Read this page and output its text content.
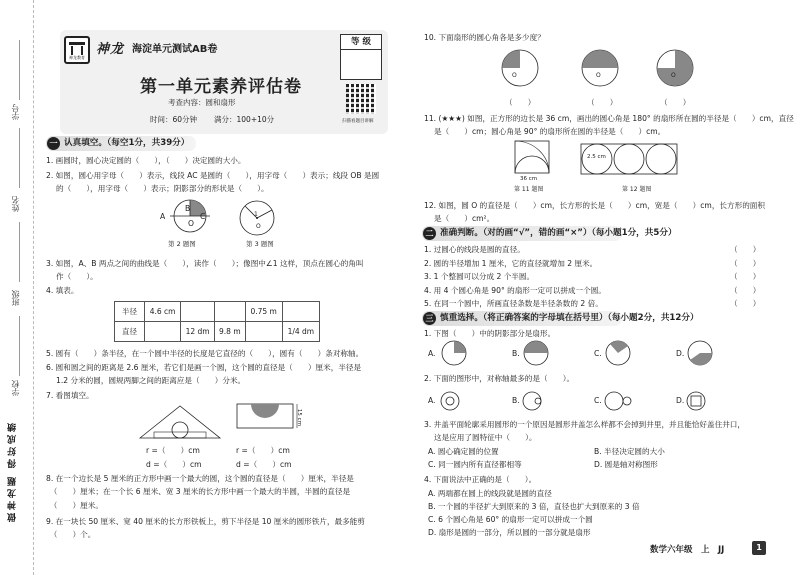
学号
姓名
班级
学校
做神龙题 得好成绩
神龙教育
神龙 海淀单元测试AB卷
第一单元素养评估卷
考查内容：圆和扇形
时间：60分钟 满分：100+10分
等 级
扫描看题目讲解
一 认真填空。（每空1分，共39分）
1. 画圆时，圆心决定圆的（　　），（　　）决定圆的大小。
2. 如图，圆心用字母（　　）表示，线段 AC 是圆的（　　），用字母（　　）表示；线段 OB 是圆
　 的（　　），用字母（　　）表示；阴影部分的形状是（　　）。
A	C
B
O
第 2 题图
1
O
第 3 题图
3. 如图，A、B 两点之间的曲线是（　　），读作（　　）；像图中∠1 这样，顶点在圆心的角叫
　 作（　　）。
4. 填表。
半径	4.6 cm			0.75 m	
直径		12 dm	9.8 m		1/4 dm
5. 圆有（　　）条半径，在一个圆中半径的长度是它直径的（　　），圆有（　　）条对称轴。
6. 圆和圆之间的距离是 2.6 厘米，若它们是画一个圆，这个圆的直径是（　　）厘米，半径是
　 1.2 分米的圆，圆规两脚之间的距离应是（　　）分米。
7. 看图填空。
15 cm
r =（　　）cm
d =（　　）cm
r =（　　）cm
d =（　　）cm
8. 在一个边长是 5 厘米的正方形中画一个最大的圆，这个圆的直径是（　　）厘米，半径是
　（　　）厘米；在一个长 6 厘米、宽 3 厘米的长方形中画一个最大的半圆，半圆的直径是
　（　　）厘米。
9. 在一块长 50 厘米、宽 40 厘米的长方形铁板上，剪下半径是 10 厘米的圆形铁片，最多能剪
　（　　）个。
10. 下面扇形的圆心角各是多少度？
O	O	O
（　　）	（　　）	（　　）
11. (★★★) 如图，正方形的边长是 36 cm，画出的圆心角是 180° 的扇形所在圆的半径是（　　）cm，直径
　 是（　　）cm；圆心角是 90° 的扇形所在圆的半径是（　　）cm。
36 cm
第 11 题图
2.5 cm
第 12 题图
12. 如图，圆 O 的直径是（　　）cm，长方形的长是（　　）cm，宽是（　　）cm，长方形的面积
　 是（　　）cm²。
二 准确判断。（对的画“√”，错的画“×”）（每小题1分，共5分）
1. 过圆心的线段是圆的直径。
2. 圆的半径增加 1 厘米，它的直径就增加 2 厘米。
3. 1 个整圆可以分成 2 个半圆。
4. 用 4 个圆心角是 90° 的扇形一定可以拼成一个圆。
5. 在同一个圆中，所画直径条数是半径条数的 2 倍。
（　　）
（　　）
（　　）
（　　）
（　　）
三 慎重选择。（将正确答案的字母填在括号里）（每小题2分，共12分）
1. 下图（　　）中的阴影部分是扇形。
A.	B.	C.	D.
2. 下面的图形中，对称轴最多的是（　　）。
A.	B.	C.	D.
3. 井盖平面轮廓采用圆形的一个原因是圆形井盖怎么样都不会掉到井里，并且能恰好盖住井口，
　 这是应用了圆特征中（　　）。
A. 圆心确定圆的位置	B. 半径决定圆的大小
C. 同一圆内所有直径都相等	D. 圆是轴对称图形
4. 下面说法中正确的是（　　）。
A. 两端都在圆上的线段就是圆的直径
B. 一个圆的半径扩大到原来的 3 倍，直径也扩大到原来的 3 倍
C. 6 个圆心角是 60° 的扇形一定可以拼成一个圆
D. 扇形是圆的一部分，所以圆的一部分就是扇形
数学六年级　上　JJ	1
